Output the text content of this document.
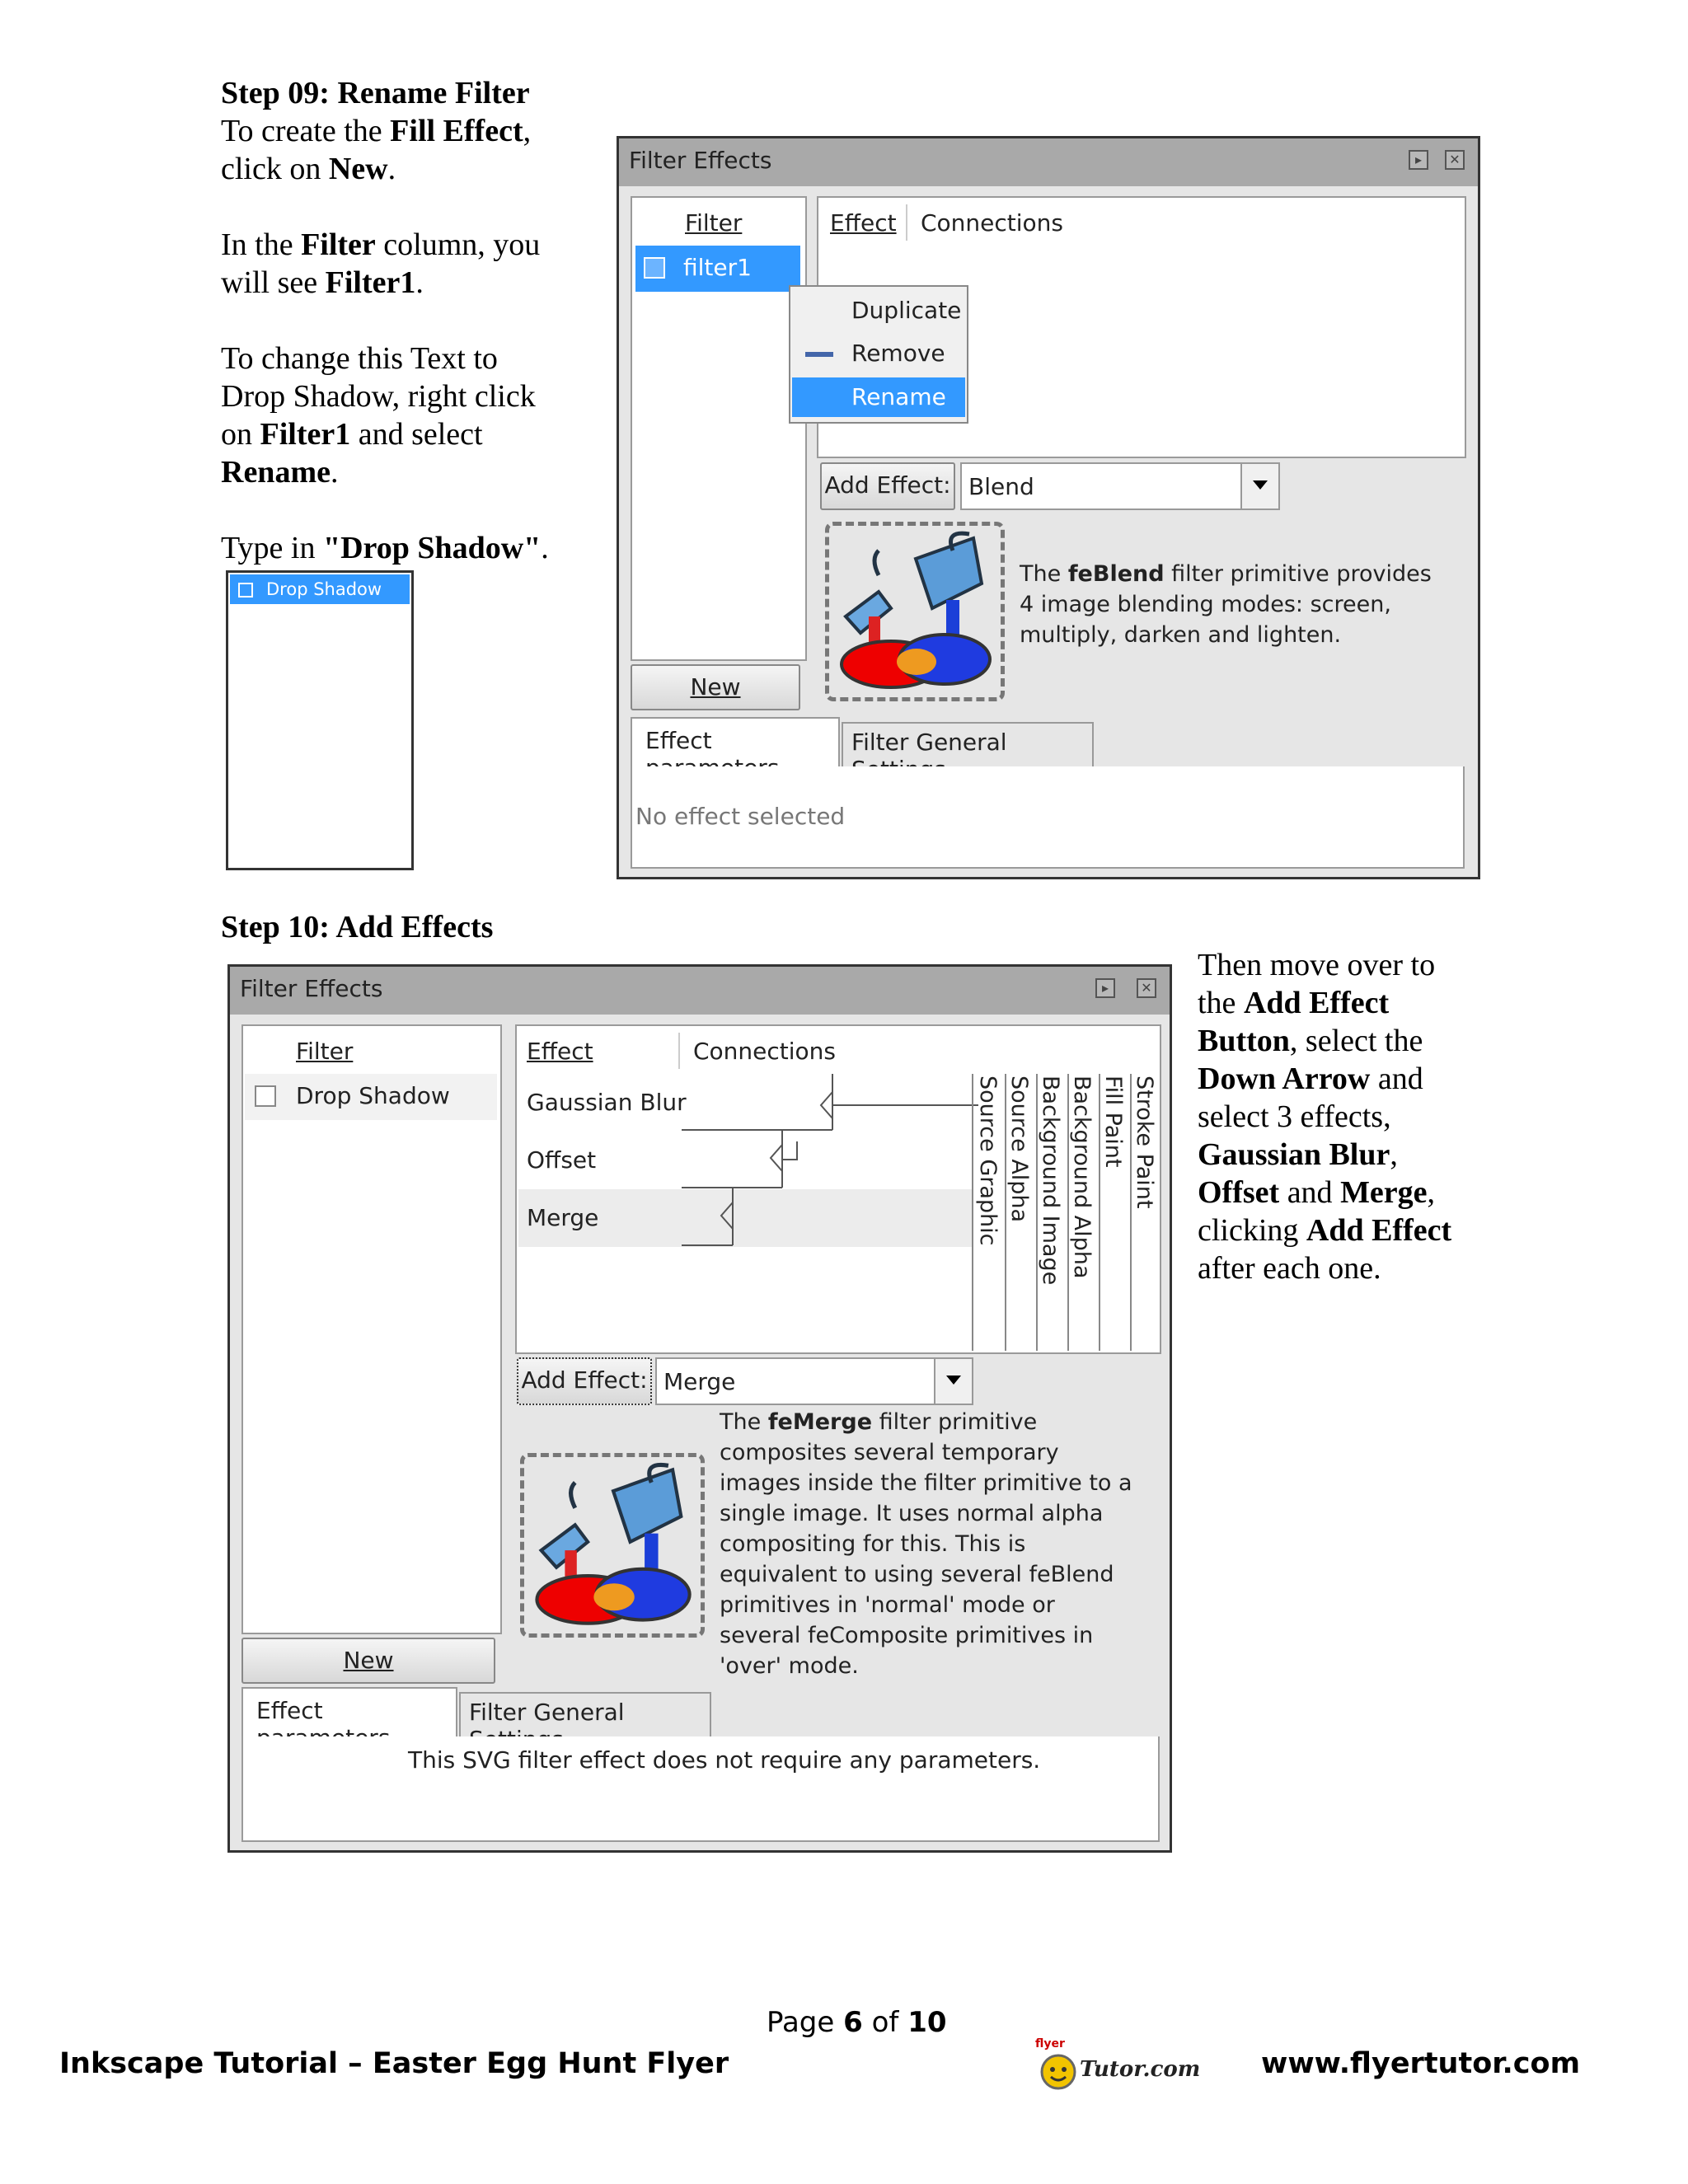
Step 09: Rename Filter
To create the Fill Effect,
click on New.
In the Filter column, you
will see Filter1.
To change this Text to
Drop Shadow, right click
on Filter1 and select
Rename.
Type in "Drop Shadow".
Drop Shadow
Filter Effects	▸	✕
Filter
filter1
Effect Connections
Duplicate
Remove
Rename
Add Effect: Blend
The feBlend filter primitive provides
4 image blending modes: screen,
multiply, darken and lighten.
New
Effect	Filter General
No effect selected
Step 10: Add Effects
Then move over to
the Add Effect
Button, select the
Down Arrow and
select 3 effects,
Gaussian Blur,
Offset and Merge,
clicking Add Effect
after each one.
Filter Effects	▸	✕
Filter
Drop Shadow
Effect	Connections
Gaussian Blur
Offset
Merge	Source Graphic Source Alpha Background Image Background Alpha Fill Paint Stroke Paint
Add Effect: Merge
The feMerge filter primitive
composites several temporary
images inside the filter primitive to a
single image. It uses normal alpha
compositing for this. This is
equivalent to using several feBlend
primitives in 'normal' mode or
several feComposite primitives in
'over' mode.
New
Effect	Filter General
This SVG filter effect does not require any parameters.
Page 6 of 10
Inkscape Tutorial – Easter Egg Hunt Flyer
flyer
Tutor.com www.flyertutor.com
